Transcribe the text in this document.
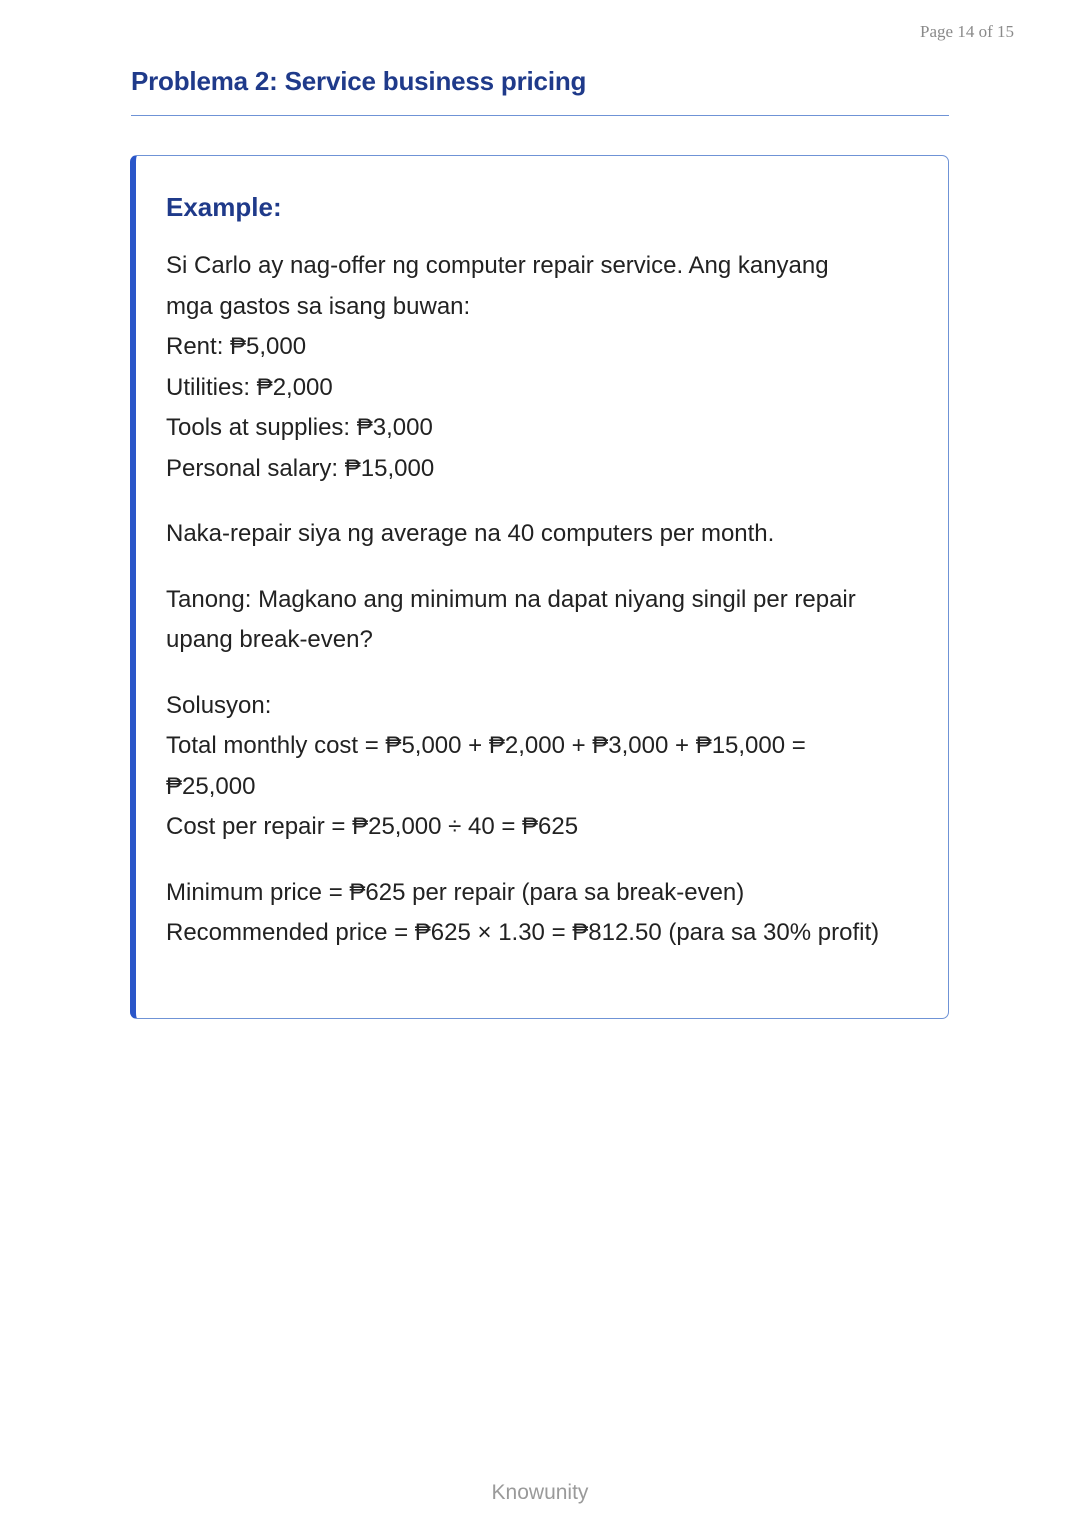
Page 14 of 15
Problema 2: Service business pricing
Example:

Si Carlo ay nag-offer ng computer repair service. Ang kanyang
mga gastos sa isang buwan:
Rent: ₱5,000
Utilities: ₱2,000
Tools at supplies: ₱3,000
Personal salary: ₱15,000

Naka-repair siya ng average na 40 computers per month.

Tanong: Magkano ang minimum na dapat niyang singil per repair
upang break-even?

Solusyon:
Total monthly cost = ₱5,000 + ₱2,000 + ₱3,000 + ₱15,000 =
₱25,000
Cost per repair = ₱25,000 ÷ 40 = ₱625

Minimum price = ₱625 per repair (para sa break-even)
Recommended price = ₱625 × 1.30 = ₱812.50 (para sa 30% profit)

Knowunity
